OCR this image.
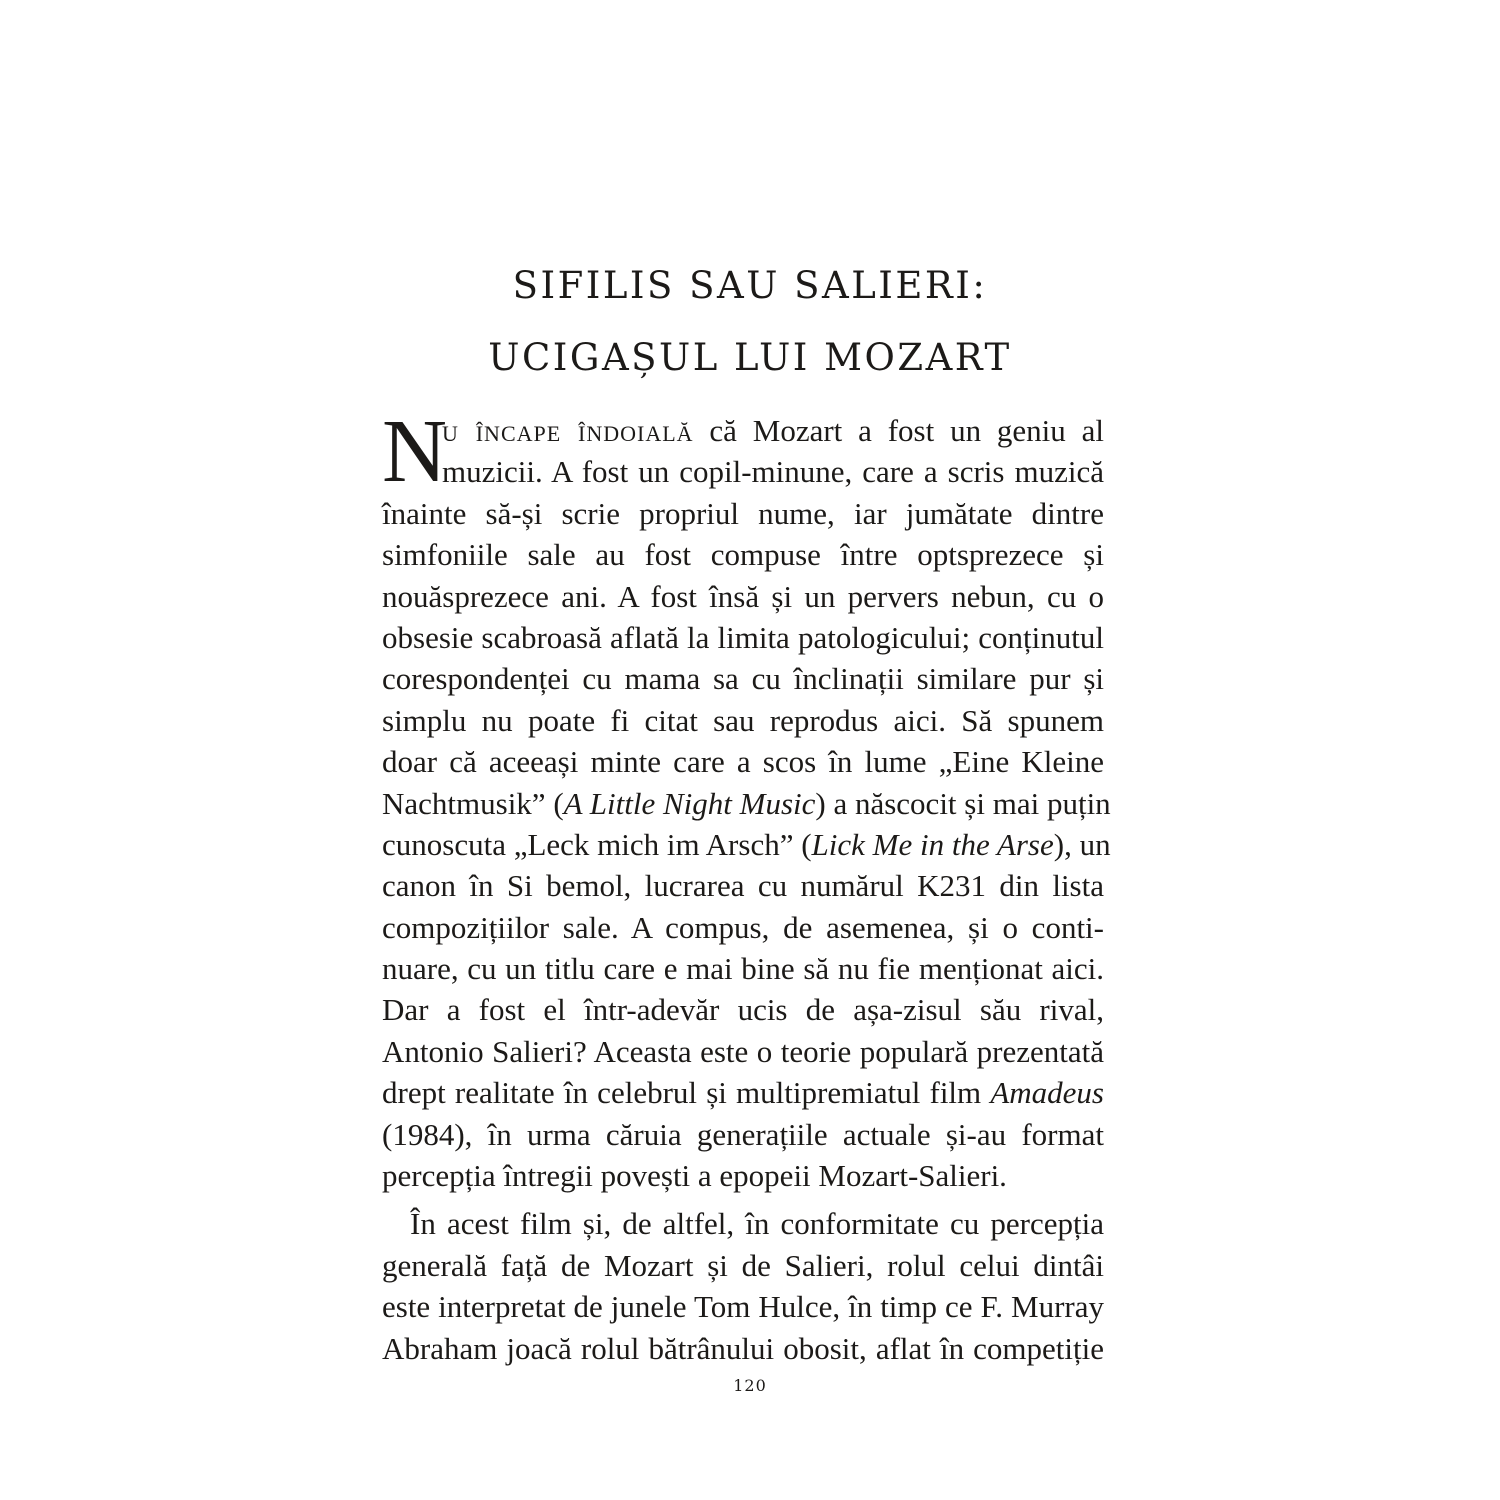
SIFILIS SAU SALIERI:
UCIGAȘUL LUI MOZART
N
u încape îndoială că Mozart a fost un geniu al
muzicii. A fost un copil-minune, care a scris muzică
înainte să-și scrie propriul nume, iar jumătate dintre
simfoniile sale au fost compuse între optsprezece și
nouăsprezece ani. A fost însă și un pervers nebun, cu o
obsesie scabroasă aflată la limita patologicului; conținutul
corespondenței cu mama sa cu înclinații similare pur și
simplu nu poate fi citat sau reprodus aici. Să spunem
doar că aceeași minte care a scos în lume „Eine Kleine
Nachtmusik” (A Little Night Music) a născocit și mai puțin
cunoscuta „Leck mich im Arsch” (Lick Me in the Arse), un
canon în Si bemol, lucrarea cu numărul K231 din lista
compozițiilor sale. A compus, de asemenea, și o conti-
nuare, cu un titlu care e mai bine să nu fie menționat aici.
Dar a fost el într-adevăr ucis de așa-zisul său rival,
Antonio Salieri? Aceasta este o teorie populară prezentată
drept realitate în celebrul și multipremiatul film Amadeus
(1984), în urma căruia generațiile actuale și-au format
percepția întregii povești a epopeii Mozart-Salieri.
În acest film și, de altfel, în conformitate cu percepția
generală față de Mozart și de Salieri, rolul celui dintâi
este interpretat de junele Tom Hulce, în timp ce F. Murray
Abraham joacă rolul bătrânului obosit, aflat în competiție
120
